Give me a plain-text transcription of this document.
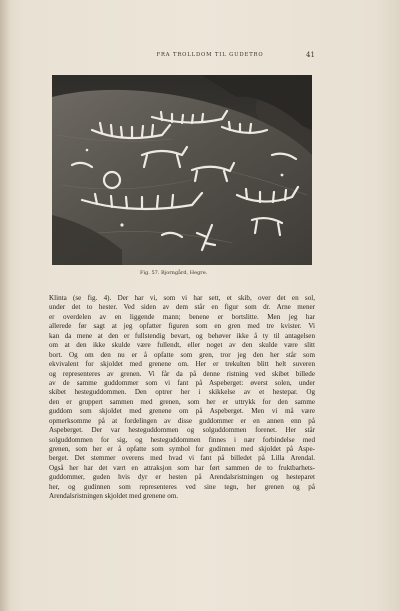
FRA TROLLDOM TIL GUDETRO	41
Fig. 57. Bjorngård, Hegre.
Klinta (se fig. 4). Der har vi, som vi har sett, et skib, over det en sol,
under det to hester. Ved siden av dem står en figur som dr. Arne mener
er overdelen av en liggende mann; benene er bortslitte. Men jeg har
allerede før sagt at jeg opfatter figuren som en gren med tre kvister. Vi
kan da mene at den er fullstendig bevart, og behøver ikke å ty til antagelsen
om at den ikke skulde være fullendt, eller noget av den skulde være slitt
bort. Og om den nu er å opfatte som gren, tror jeg den her står som
ekvivalent for skjoldet med grenene om. Her er trekulten blitt helt suveren
og representeres av grenen. Vi får da på denne ristning ved skibet billede
av de samme guddommer som vi fant på Aspeberget: øverst solen, under
skibet hesteguddommen. Den optrer her i skikkelse av et hestepar. Og
den er gruppert sammen med grenen, som her er uttrykk for den samme
guddom som skjoldet med grenene om på Aspeberget. Men vi må være
opmerksomme på at fordelingen av disse guddommer er en annen enn på
Aspeberget. Der var hesteguddommen og solguddommen forenet. Her står
solguddommen for sig, og hesteguddommen finnes i nær forbindelse med
grenen, som her er å opfatte som symbol for gudinnen med skjoldet på Aspe-
berget. Det stemmer overens med hvad vi fant på billedet på Lilla Arendal.
Også her har det vært en attraksjon som har ført sammen de to fruktbarhets-
guddommer, guden hvis dyr er hesten på Arendalsristningen og hesteparet
her, og gudinnen som representeres ved sine tegn, her grenen og på
Arendalsristningen skjoldet med grenene om.
